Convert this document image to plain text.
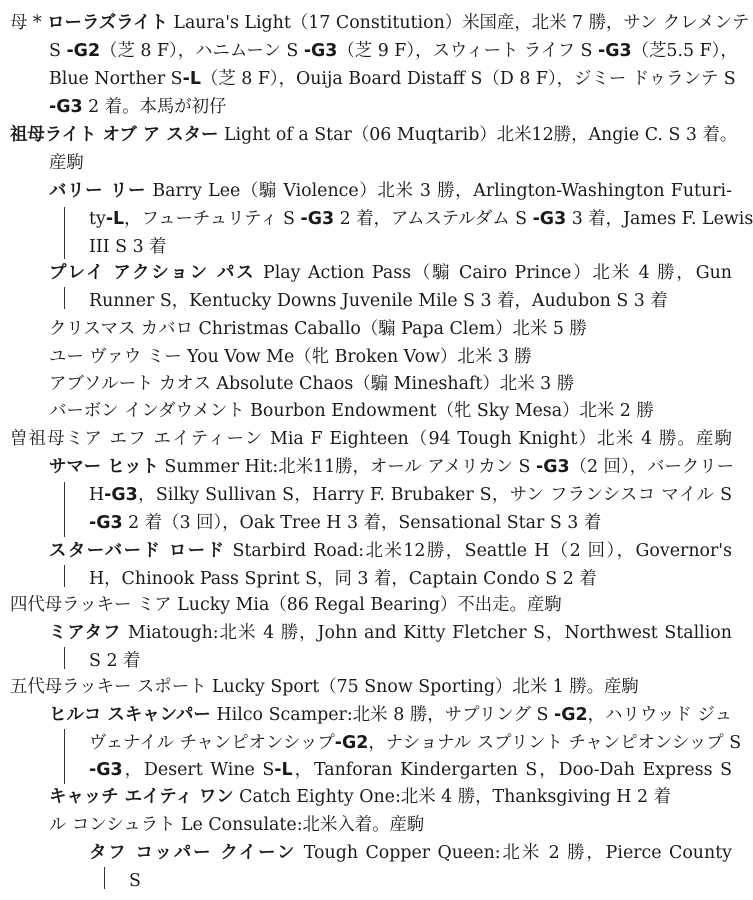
母 * ローラズライト Laura's Light（17 Constitution）米国産，北米 7 勝，サン クレメンテ
S -G2（芝 8 F），ハニムーン S -G3（芝 9 F），スウィート ライフ S -G3（芝5.5 F），
Blue Norther S-L（芝 8 F），Ouija Board Distaff S（D 8 F），ジミー ドゥランテ S
-G3 2 着。本馬が初仔
祖母ライト オブ ア スター Light of a Star（06 Muqtarib）北米12勝，Angie C. S 3 着。
産駒
バリー リー Barry Lee（騸 Violence）北米 3 勝，Arlington-Washington Futuri-
ty-L，フューチュリティ S -G3 2 着，アムステルダム S -G3 3 着，James F. Lewis
III S 3 着
プレイ アクション パス Play Action Pass（騸 Cairo Prince）北米 4 勝，Gun
Runner S，Kentucky Downs Juvenile Mile S 3 着，Audubon S 3 着
クリスマス カバロ Christmas Caballo（騸 Papa Clem）北米 5 勝
ユー ヴァウ ミー You Vow Me（牝 Broken Vow）北米 3 勝
アブソルート カオス Absolute Chaos（騸 Mineshaft）北米 3 勝
バーボン インダウメント Bourbon Endowment（牝 Sky Mesa）北米 2 勝
曽祖母ミア エフ エイティーン Mia F Eighteen（94 Tough Knight）北米 4 勝。産駒
サマー ヒット Summer Hit:北米11勝，オール アメリカン S -G3（2 回），バークリー
H-G3，Silky Sullivan S，Harry F. Brubaker S，サン フランシスコ マイル S
-G3 2 着（3 回），Oak Tree H 3 着，Sensational Star S 3 着
スターバード ロード Starbird Road:北米12勝，Seattle H（2 回），Governor's
H，Chinook Pass Sprint S，同 3 着，Captain Condo S 2 着
四代母ラッキー ミア Lucky Mia（86 Regal Bearing）不出走。産駒
ミアタフ Miatough:北米 4 勝，John and Kitty Fletcher S，Northwest Stallion
S 2 着
五代母ラッキー スポート Lucky Sport（75 Snow Sporting）北米 1 勝。産駒
ヒルコ スキャンパー Hilco Scamper:北米 8 勝，サプリング S -G2，ハリウッド ジュ
ヴェナイル チャンピオンシップ-G2，ナショナル スプリント チャンピオンシップ S
-G3，Desert Wine S-L，Tanforan Kindergarten S，Doo-Dah Express S
キャッチ エイティ ワン Catch Eighty One:北米 4 勝，Thanksgiving H 2 着
ル コンシュラト Le Consulate:北米入着。産駒
タフ コッパー クイーン Tough Copper Queen:北米 2 勝，Pierce County
S
